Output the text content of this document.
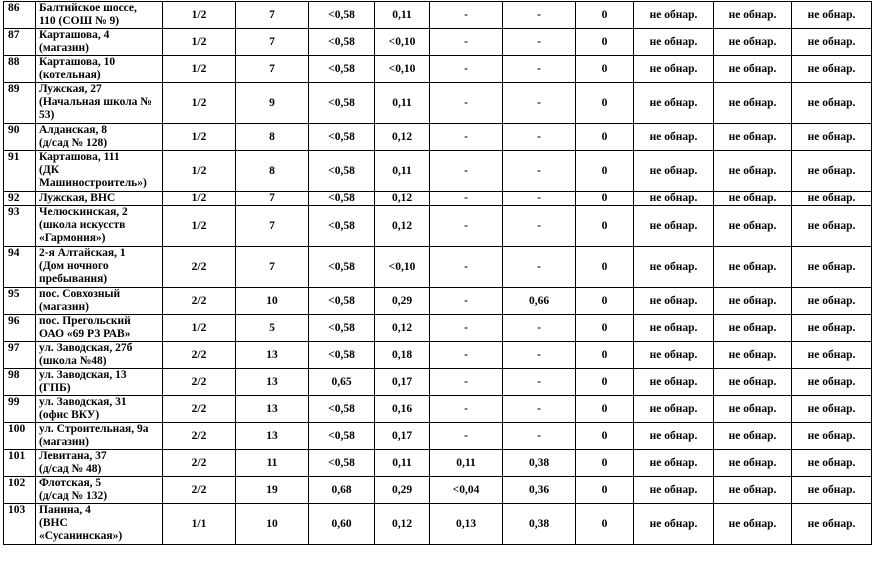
86	Балтийское шоссе,
110 (СОШ № 9)	1/2	7	<0,58	0,11	-	-	0	не обнар.	не обнар.	не обнар.
87	Карташова, 4
(магазин)	1/2	7	<0,58	<0,10	-	-	0	не обнар.	не обнар.	не обнар.
88	Карташова, 10
(котельная)	1/2	7	<0,58	<0,10	-	-	0	не обнар.	не обнар.	не обнар.
89	Лужская, 27
(Начальная школа №
53)	1/2	9	<0,58	0,11	-	-	0	не обнар.	не обнар.	не обнар.
90	Алданская, 8
(д/сад № 128)	1/2	8	<0,58	0,12	-	-	0	не обнар.	не обнар.	не обнар.
91	Карташова, 111
(ДК
Машиностроитель»)	1/2	8	<0,58	0,11	-	-	0	не обнар.	не обнар.	не обнар.
92	Лужская, ВНС	1/2	7	<0,58	0,12	-	-	0	не обнар.	не обнар.	не обнар.
93	Челюскинская, 2
(школа искусств
«Гармония»)	1/2	7	<0,58	0,12	-	-	0	не обнар.	не обнар.	не обнар.
94	2-я Алтайская, 1
(Дом ночного
пребывания)	2/2	7	<0,58	<0,10	-	-	0	не обнар.	не обнар.	не обнар.
95	пос. Совхозный
(магазин)	2/2	10	<0,58	0,29	-	0,66	0	не обнар.	не обнар.	не обнар.
96	пос. Прегольский
ОАО «69 РЗ РАВ»	1/2	5	<0,58	0,12	-	-	0	не обнар.	не обнар.	не обнар.
97	ул. Заводская, 27б
(школа №48)	2/2	13	<0,58	0,18	-	-	0	не обнар.	не обнар.	не обнар.
98	ул. Заводская, 13
(ГПБ)	2/2	13	0,65	0,17	-	-	0	не обнар.	не обнар.	не обнар.
99	ул. Заводская, 31
(офис ВКУ)	2/2	13	<0,58	0,16	-	-	0	не обнар.	не обнар.	не обнар.
100	ул. Строительная, 9а
(магазин)	2/2	13	<0,58	0,17	-	-	0	не обнар.	не обнар.	не обнар.
101	Левитана, 37
(д/сад № 48)	2/2	11	<0,58	0,11	0,11	0,38	0	не обнар.	не обнар.	не обнар.
102	Флотская, 5
(д/сад № 132)	2/2	19	0,68	0,29	<0,04	0,36	0	не обнар.	не обнар.	не обнар.
103	Панина, 4
(ВНС
«Сусанинская»)	1/1	10	0,60	0,12	0,13	0,38	0	не обнар.	не обнар.	не обнар.
